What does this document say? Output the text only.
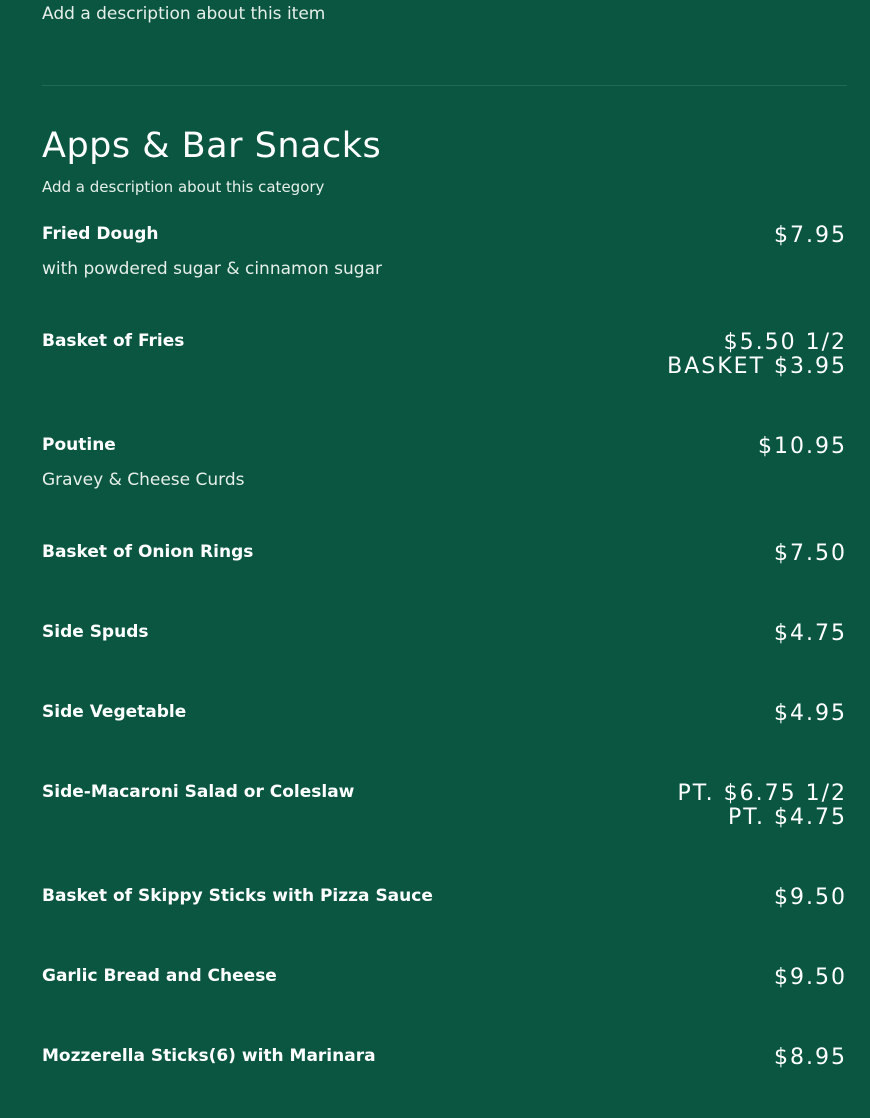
Add a description about this item
Apps & Bar Snacks
Add a description about this category
Fried Dough
with powdered sugar & cinnamon sugar
$7.95
Basket of Fries	$5.50 1/2
BASKET $3.95
Poutine
Gravey & Cheese Curds
$10.95
Basket of Onion Rings	$7.50
Side Spuds	$4.75
Side Vegetable	$4.95
Side-Macaroni Salad or Coleslaw	PT. $6.75 1/2
PT. $4.75
Basket of Skippy Sticks with Pizza Sauce	$9.50
Garlic Bread and Cheese	$9.50
Mozzerella Sticks(6) with Marinara	$8.95
